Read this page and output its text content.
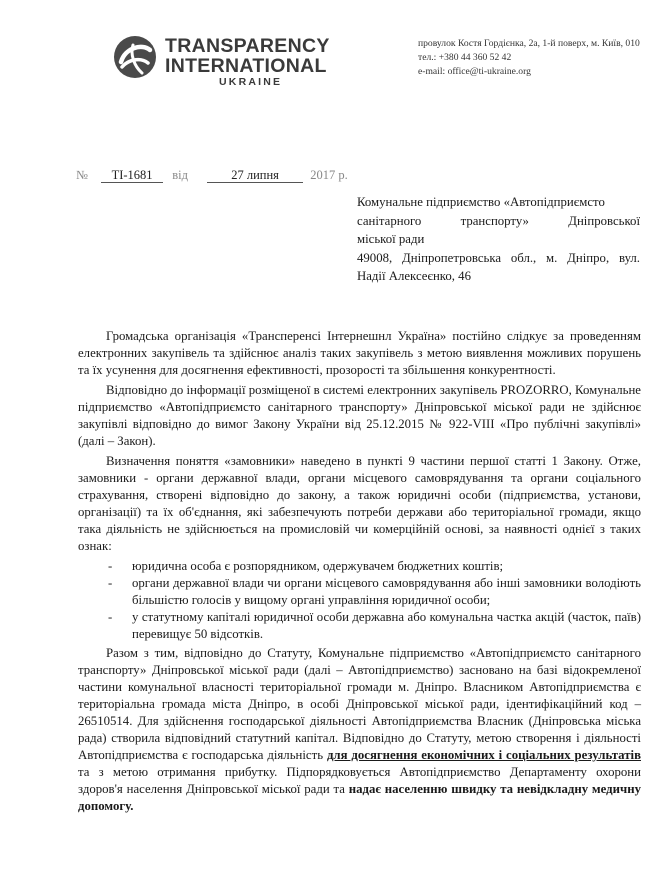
TRANSPARENCY
INTERNATIONAL
UKRAINE
провулок Костя Гордієнка, 2а, 1-й поверх, м. Київ, 010
тел.: +380 44 360 52 42
e-mail: office@ti-ukraine.org
№ ТІ-1681 від	27 липня	2017 р.
Комунальне підприємство «Автопідприємсто
санітарного транспорту» Дніпровської
міської ради
49008, Дніпропетровська обл., м. Дніпро, вул.
Надії Алексеєнко, 46

Громадська організація «Трансперенсі Інтернешнл Україна» постійно слідкує за проведенням електронних закупівель та здійснює аналіз таких закупівель з метою виявлення можливих порушень та їх усунення для досягнення ефективності, прозорості та збільшення конкурентності.

Відповідно до інформації розміщеної в системі електронних закупівель PROZORRO, Комунальне підприємство «Автопідприємсто санітарного транспорту» Дніпровської міської ради не здійснює закупівлі відповідно до вимог Закону України від 25.12.2015 № 922-VIII «Про публічні закупівлі» (далі – Закон).

Визначення поняття «замовники» наведено в пункті 9 частини першої статті 1 Закону. Отже, замовники - органи державної влади, органи місцевого самоврядування та органи соціального страхування, створені відповідно до закону, а також юридичні особи (підприємства, установи, організації) та їх об'єднання, які забезпечують потреби держави або територіальної громади, якщо така діяльність не здійснюється на промисловій чи комерційній основі, за наявності однієї з таких ознак:

- юридична особа є розпорядником, одержувачем бюджетних коштів;
- органи державної влади чи органи місцевого самоврядування або інші замовники володіють більшістю голосів у вищому органі управління юридичної особи;
- у статутному капіталі юридичної особи державна або комунальна частка акцій (часток, паїв) перевищує 50 відсотків.

Разом з тим, відповідно до Статуту, Комунальне підприємство «Автопідприємсто санітарного транспорту» Дніпровської міської ради (далі – Автопідприємство) засновано на базі відокремленої частини комунальної власності територіальної громади м. Дніпро. Власником Автопідприємства є територіальна громада міста Дніпро, в особі Дніпровської міської ради, ідентифікаційний код – 26510514. Для здійснення господарської діяльності Автопідприємства Власник (Дніпровська міська рада) створила відповідний статутний капітал. Відповідно до Статуту, метою створення і діяльності Автопідприємства є господарська діяльність для досягнення економічних і соціальних результатів та з метою отримання прибутку. Підпорядковується Автопідприємство Департаменту охорони здоров'я населення Дніпровської міської ради та надає населенню швидку та невідкладну медичну допомогу.
